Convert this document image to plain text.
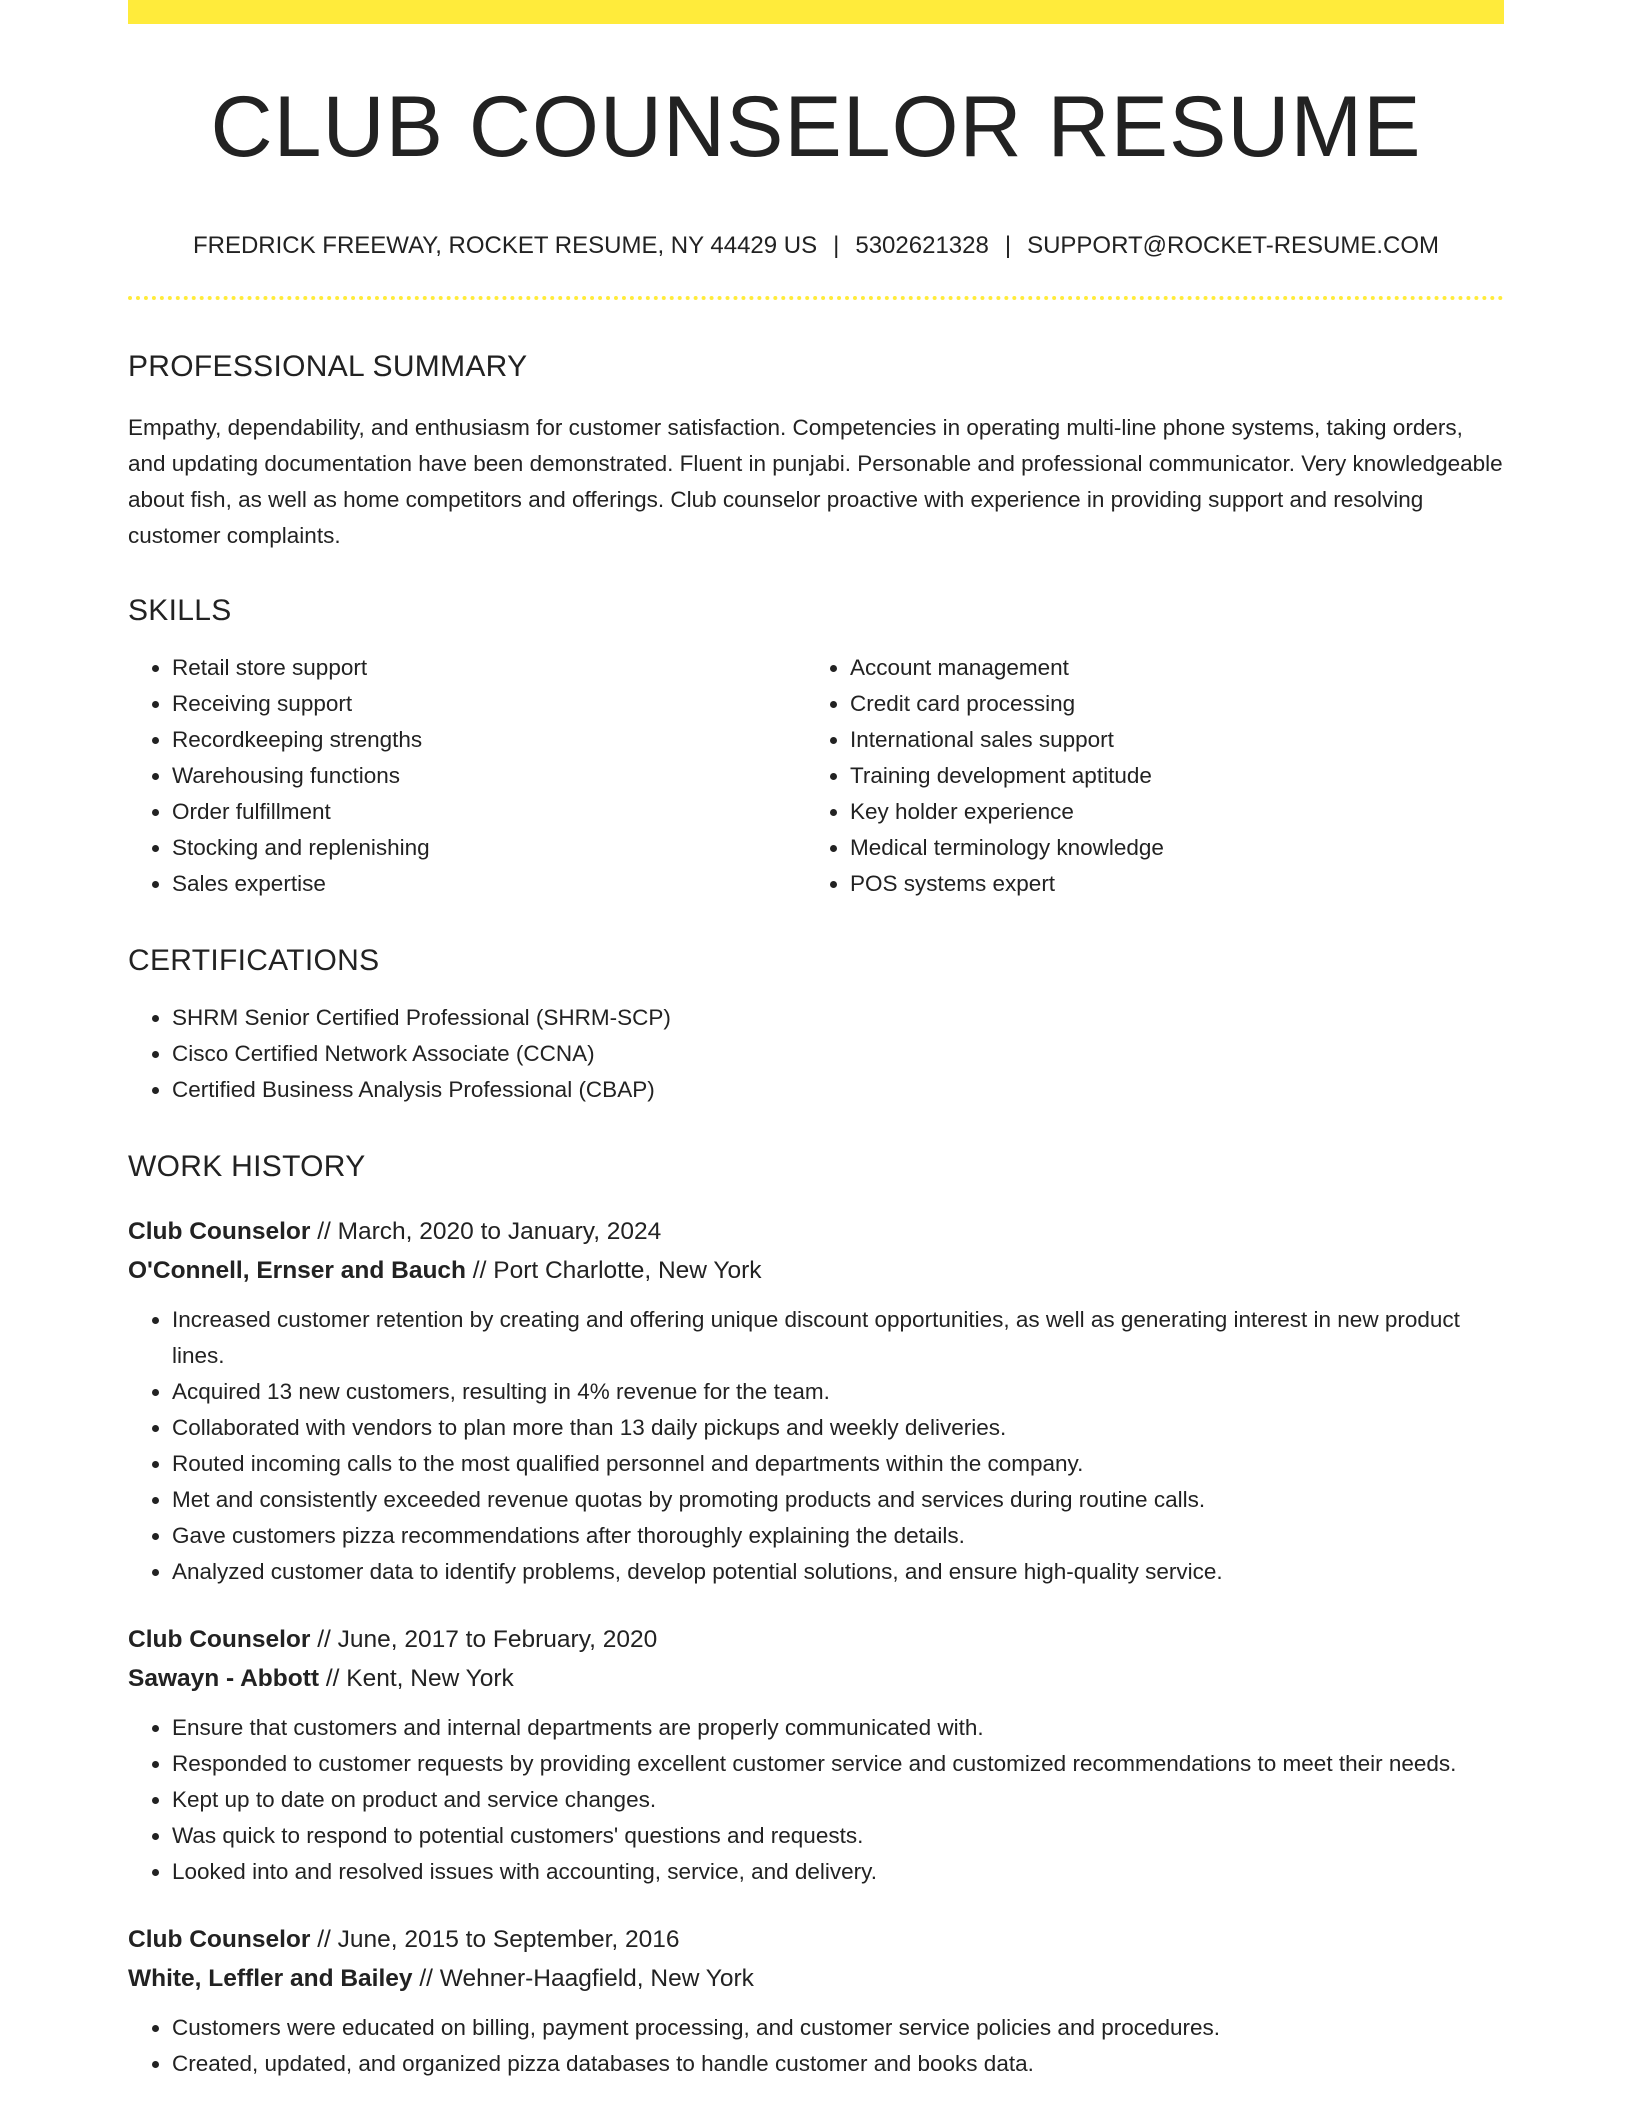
CLUB COUNSELOR RESUME
FREDRICK FREEWAY, ROCKET RESUME, NY 44429 US | 5302621328 | SUPPORT@ROCKET-RESUME.COM
PROFESSIONAL SUMMARY

Empathy, dependability, and enthusiasm for customer satisfaction. Competencies in operating multi-line phone systems, taking orders, and updating documentation have been demonstrated. Fluent in punjabi. Personable and professional communicator. Very knowledgeable about fish, as well as home competitors and offerings. Club counselor proactive with experience in providing support and resolving customer complaints.

SKILLS
• Retail store support
• Receiving support
• Recordkeeping strengths
• Warehousing functions
• Order fulfillment
• Stocking and replenishing
• Sales expertise
• Account management
• Credit card processing
• International sales support
• Training development aptitude
• Key holder experience
• Medical terminology knowledge
• POS systems expert
CERTIFICATIONS
• SHRM Senior Certified Professional (SHRM-SCP)
• Cisco Certified Network Associate (CCNA)
• Certified Business Analysis Professional (CBAP)
WORK HISTORY
Club Counselor // March, 2020 to January, 2024
O'Connell, Ernser and Bauch // Port Charlotte, New York
• Increased customer retention by creating and offering unique discount opportunities, as well as generating interest in new product lines.
• Acquired 13 new customers, resulting in 4% revenue for the team.
• Collaborated with vendors to plan more than 13 daily pickups and weekly deliveries.
• Routed incoming calls to the most qualified personnel and departments within the company.
• Met and consistently exceeded revenue quotas by promoting products and services during routine calls.
• Gave customers pizza recommendations after thoroughly explaining the details.
• Analyzed customer data to identify problems, develop potential solutions, and ensure high-quality service.
Club Counselor // June, 2017 to February, 2020
Sawayn - Abbott // Kent, New York
• Ensure that customers and internal departments are properly communicated with.
• Responded to customer requests by providing excellent customer service and customized recommendations to meet their needs.
• Kept up to date on product and service changes.
• Was quick to respond to potential customers' questions and requests.
• Looked into and resolved issues with accounting, service, and delivery.
Club Counselor // June, 2015 to September, 2016
White, Leffler and Bailey // Wehner-Haagfield, New York
• Customers were educated on billing, payment processing, and customer service policies and procedures.
• Created, updated, and organized pizza databases to handle customer and books data.
